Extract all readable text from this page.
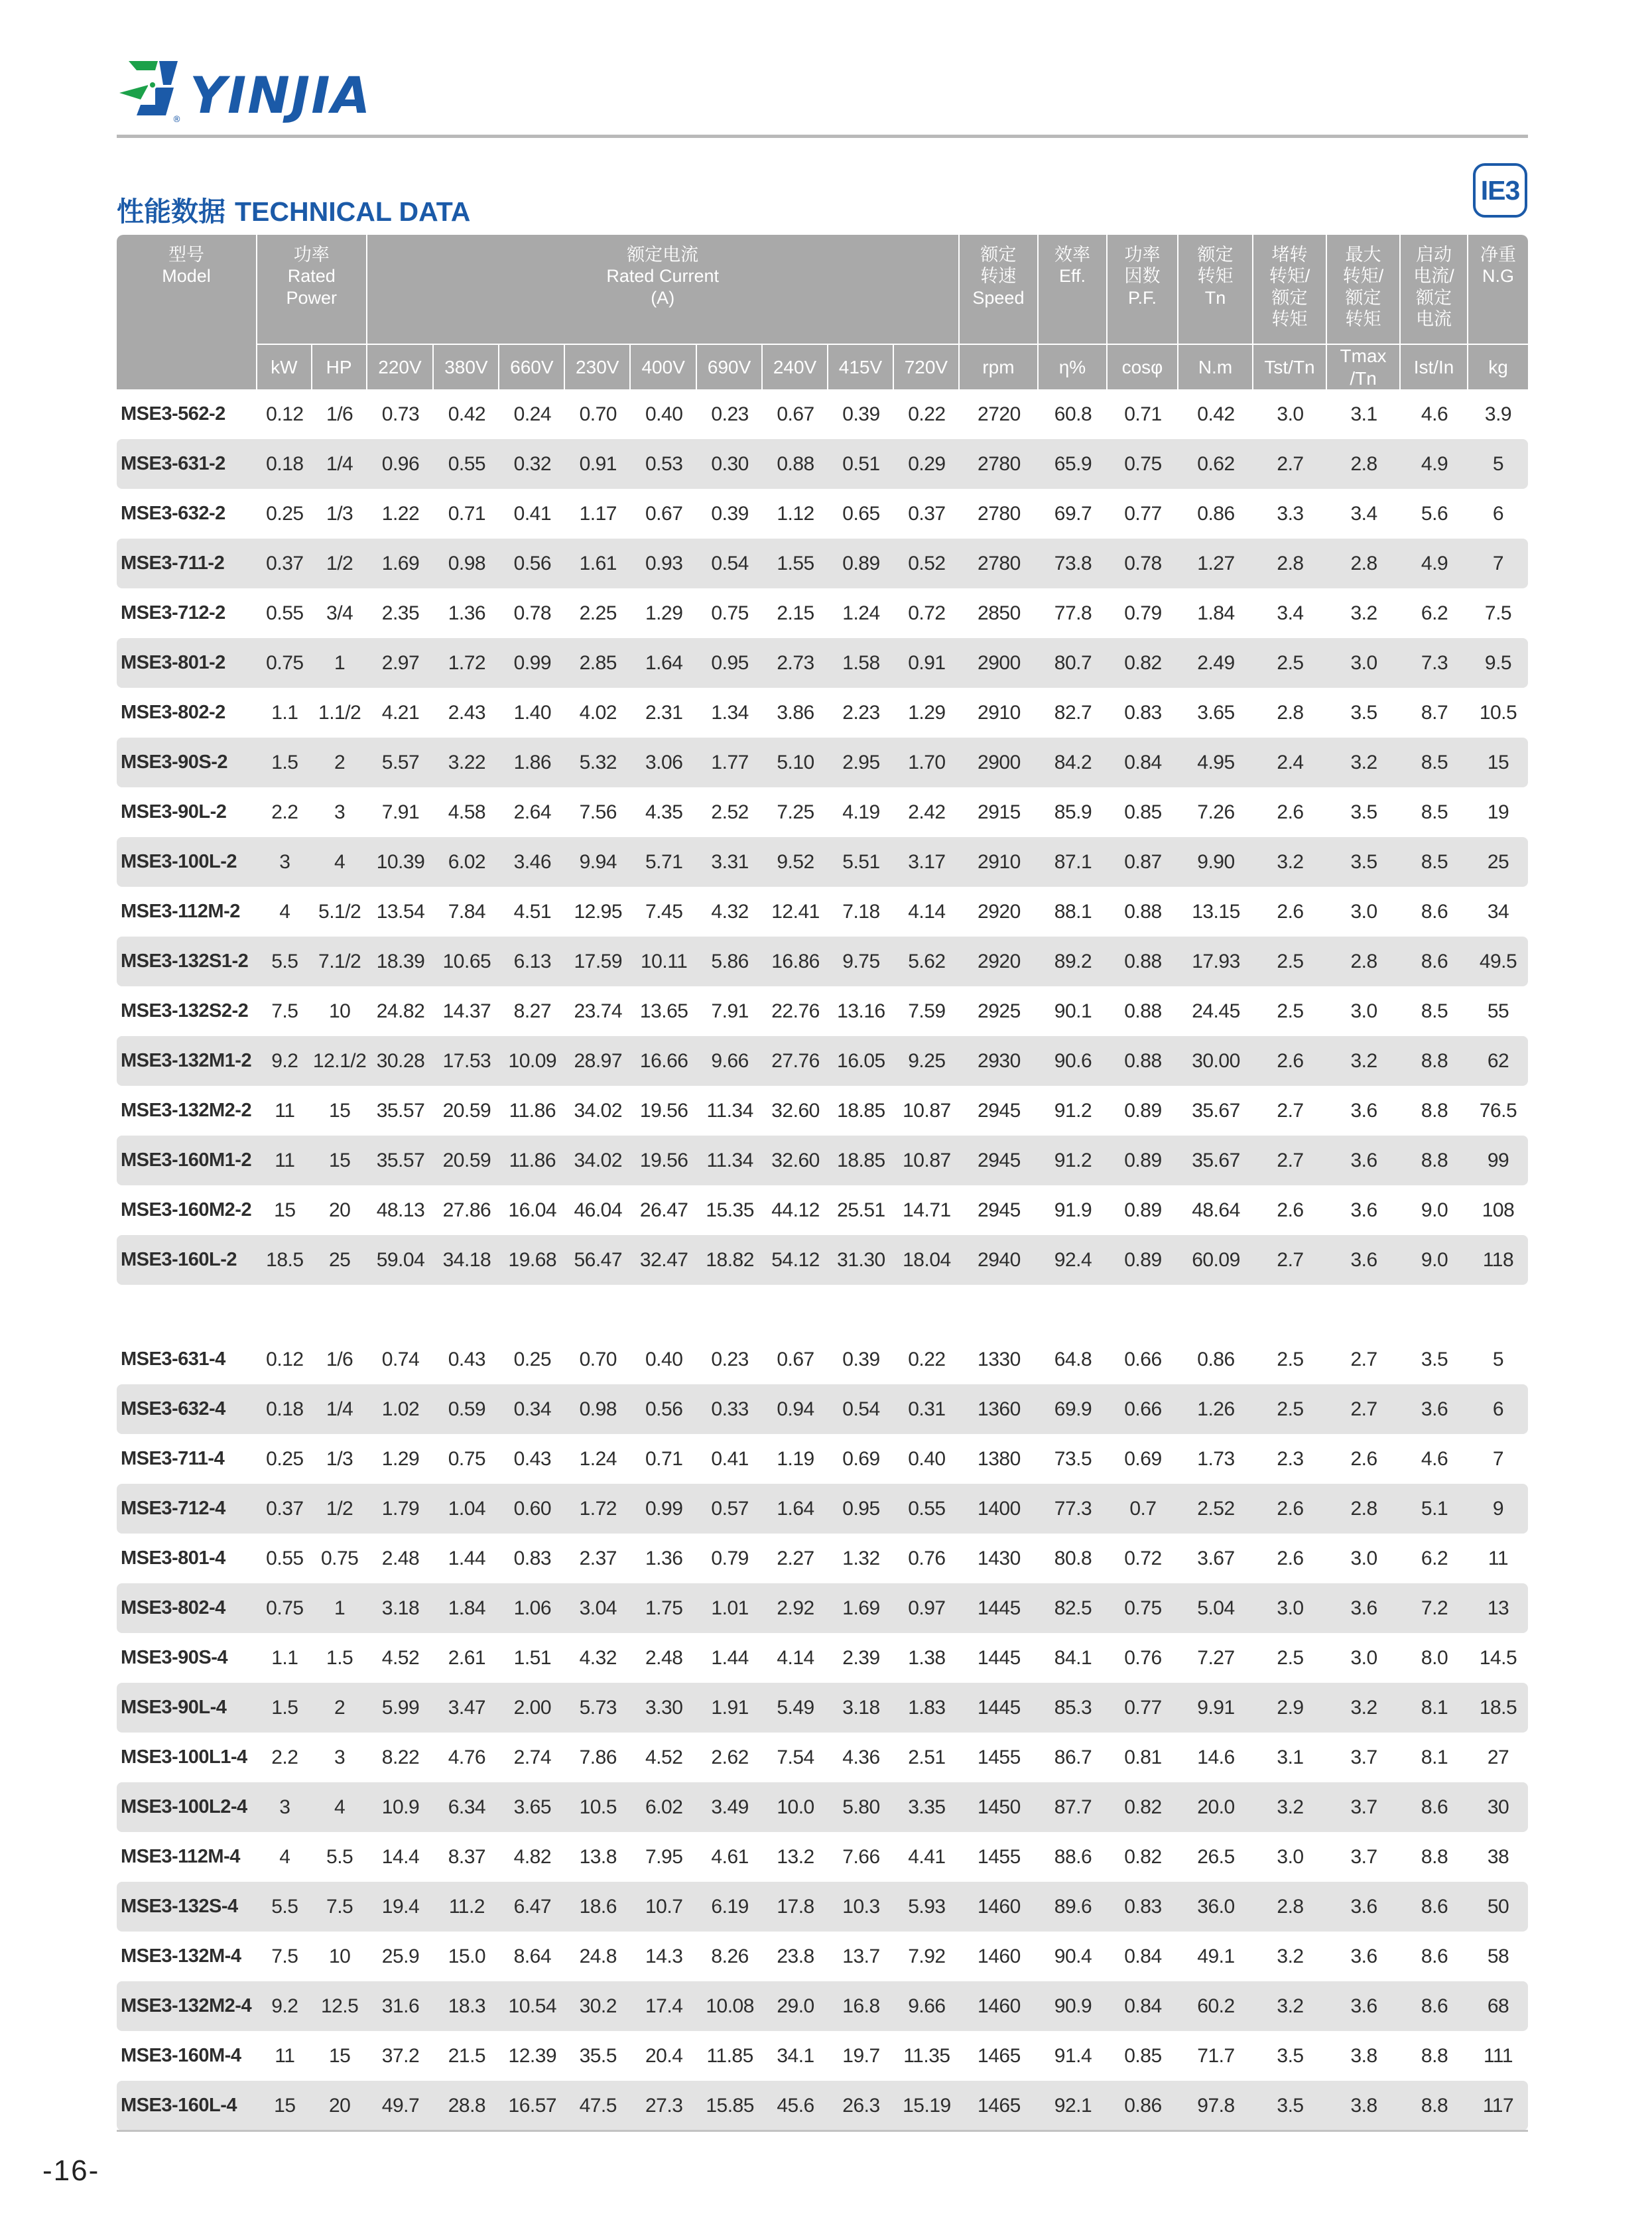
® YINJIA
性能数据 TECHNICAL DATA
IE3
型号
Model	功率
Rated Power		额定电流
Rated Current
(A)									额定转速
Speed	效率
Eff.	功率因数
P.F.	额定转矩
Tn	堵转转矩/额定转矩	最大转矩/额定转矩	启动电流/额定电流	净重
N.G
	kW	HP	220V	380V	660V	230V	400V	690V	240V	415V	720V	rpm	η%	cosφ	N.m	Tst/Tn	Tmax /Tn	Ist/In	kg
MSE3-562-2	0.12	1/6	0.73	0.42	0.24	0.70	0.40	0.23	0.67	0.39	0.22	2720	60.8	0.71	0.42	3.0	3.1	4.6	3.9
MSE3-631-2	0.18	1/4	0.96	0.55	0.32	0.91	0.53	0.30	0.88	0.51	0.29	2780	65.9	0.75	0.62	2.7	2.8	4.9	5
MSE3-632-2	0.25	1/3	1.22	0.71	0.41	1.17	0.67	0.39	1.12	0.65	0.37	2780	69.7	0.77	0.86	3.3	3.4	5.6	6
MSE3-711-2	0.37	1/2	1.69	0.98	0.56	1.61	0.93	0.54	1.55	0.89	0.52	2780	73.8	0.78	1.27	2.8	2.8	4.9	7
MSE3-712-2	0.55	3/4	2.35	1.36	0.78	2.25	1.29	0.75	2.15	1.24	0.72	2850	77.8	0.79	1.84	3.4	3.2	6.2	7.5
MSE3-801-2	0.75	1	2.97	1.72	0.99	2.85	1.64	0.95	2.73	1.58	0.91	2900	80.7	0.82	2.49	2.5	3.0	7.3	9.5
MSE3-802-2	1.1	1.1/2	4.21	2.43	1.40	4.02	2.31	1.34	3.86	2.23	1.29	2910	82.7	0.83	3.65	2.8	3.5	8.7	10.5
MSE3-90S-2	1.5	2	5.57	3.22	1.86	5.32	3.06	1.77	5.10	2.95	1.70	2900	84.2	0.84	4.95	2.4	3.2	8.5	15
MSE3-90L-2	2.2	3	7.91	4.58	2.64	7.56	4.35	2.52	7.25	4.19	2.42	2915	85.9	0.85	7.26	2.6	3.5	8.5	19
MSE3-100L-2	3	4	10.39	6.02	3.46	9.94	5.71	3.31	9.52	5.51	3.17	2910	87.1	0.87	9.90	3.2	3.5	8.5	25
MSE3-112M-2	4	5.1/2	13.54	7.84	4.51	12.95	7.45	4.32	12.41	7.18	4.14	2920	88.1	0.88	13.15	2.6	3.0	8.6	34
MSE3-132S1-2	5.5	7.1/2	18.39	10.65	6.13	17.59	10.11	5.86	16.86	9.75	5.62	2920	89.2	0.88	17.93	2.5	2.8	8.6	49.5
MSE3-132S2-2	7.5	10	24.82	14.37	8.27	23.74	13.65	7.91	22.76	13.16	7.59	2925	90.1	0.88	24.45	2.5	3.0	8.5	55
MSE3-132M1-2	9.2	12.1/2	30.28	17.53	10.09	28.97	16.66	9.66	27.76	16.05	9.25	2930	90.6	0.88	30.00	2.6	3.2	8.8	62
MSE3-132M2-2	11	15	35.57	20.59	11.86	34.02	19.56	11.34	32.60	18.85	10.87	2945	91.2	0.89	35.67	2.7	3.6	8.8	76.5
MSE3-160M1-2	11	15	35.57	20.59	11.86	34.02	19.56	11.34	32.60	18.85	10.87	2945	91.2	0.89	35.67	2.7	3.6	8.8	99
MSE3-160M2-2	15	20	48.13	27.86	16.04	46.04	26.47	15.35	44.12	25.51	14.71	2945	91.9	0.89	48.64	2.6	3.6	9.0	108
MSE3-160L-2	18.5	25	59.04	34.18	19.68	56.47	32.47	18.82	54.12	31.30	18.04	2940	92.4	0.89	60.09	2.7	3.6	9.0	118

MSE3-631-4	0.12	1/6	0.74	0.43	0.25	0.70	0.40	0.23	0.67	0.39	0.22	1330	64.8	0.66	0.86	2.5	2.7	3.5	5
MSE3-632-4	0.18	1/4	1.02	0.59	0.34	0.98	0.56	0.33	0.94	0.54	0.31	1360	69.9	0.66	1.26	2.5	2.7	3.6	6
MSE3-711-4	0.25	1/3	1.29	0.75	0.43	1.24	0.71	0.41	1.19	0.69	0.40	1380	73.5	0.69	1.73	2.3	2.6	4.6	7
MSE3-712-4	0.37	1/2	1.79	1.04	0.60	1.72	0.99	0.57	1.64	0.95	0.55	1400	77.3	0.7	2.52	2.6	2.8	5.1	9
MSE3-801-4	0.55	0.75	2.48	1.44	0.83	2.37	1.36	0.79	2.27	1.32	0.76	1430	80.8	0.72	3.67	2.6	3.0	6.2	11
MSE3-802-4	0.75	1	3.18	1.84	1.06	3.04	1.75	1.01	2.92	1.69	0.97	1445	82.5	0.75	5.04	3.0	3.6	7.2	13
MSE3-90S-4	1.1	1.5	4.52	2.61	1.51	4.32	2.48	1.44	4.14	2.39	1.38	1445	84.1	0.76	7.27	2.5	3.0	8.0	14.5
MSE3-90L-4	1.5	2	5.99	3.47	2.00	5.73	3.30	1.91	5.49	3.18	1.83	1445	85.3	0.77	9.91	2.9	3.2	8.1	18.5
MSE3-100L1-4	2.2	3	8.22	4.76	2.74	7.86	4.52	2.62	7.54	4.36	2.51	1455	86.7	0.81	14.6	3.1	3.7	8.1	27
MSE3-100L2-4	3	4	10.9	6.34	3.65	10.5	6.02	3.49	10.0	5.80	3.35	1450	87.7	0.82	20.0	3.2	3.7	8.6	30
MSE3-112M-4	4	5.5	14.4	8.37	4.82	13.8	7.95	4.61	13.2	7.66	4.41	1455	88.6	0.82	26.5	3.0	3.7	8.8	38
MSE3-132S-4	5.5	7.5	19.4	11.2	6.47	18.6	10.7	6.19	17.8	10.3	5.93	1460	89.6	0.83	36.0	2.8	3.6	8.6	50
MSE3-132M-4	7.5	10	25.9	15.0	8.64	24.8	14.3	8.26	23.8	13.7	7.92	1460	90.4	0.84	49.1	3.2	3.6	8.6	58
MSE3-132M2-4	9.2	12.5	31.6	18.3	10.54	30.2	17.4	10.08	29.0	16.8	9.66	1460	90.9	0.84	60.2	3.2	3.6	8.6	68
MSE3-160M-4	11	15	37.2	21.5	12.39	35.5	20.4	11.85	34.1	19.7	11.35	1465	91.4	0.85	71.7	3.5	3.8	8.8	111
MSE3-160L-4	15	20	49.7	28.8	16.57	47.5	27.3	15.85	45.6	26.3	15.19	1465	92.1	0.86	97.8	3.5	3.8	8.8	117
-16-
